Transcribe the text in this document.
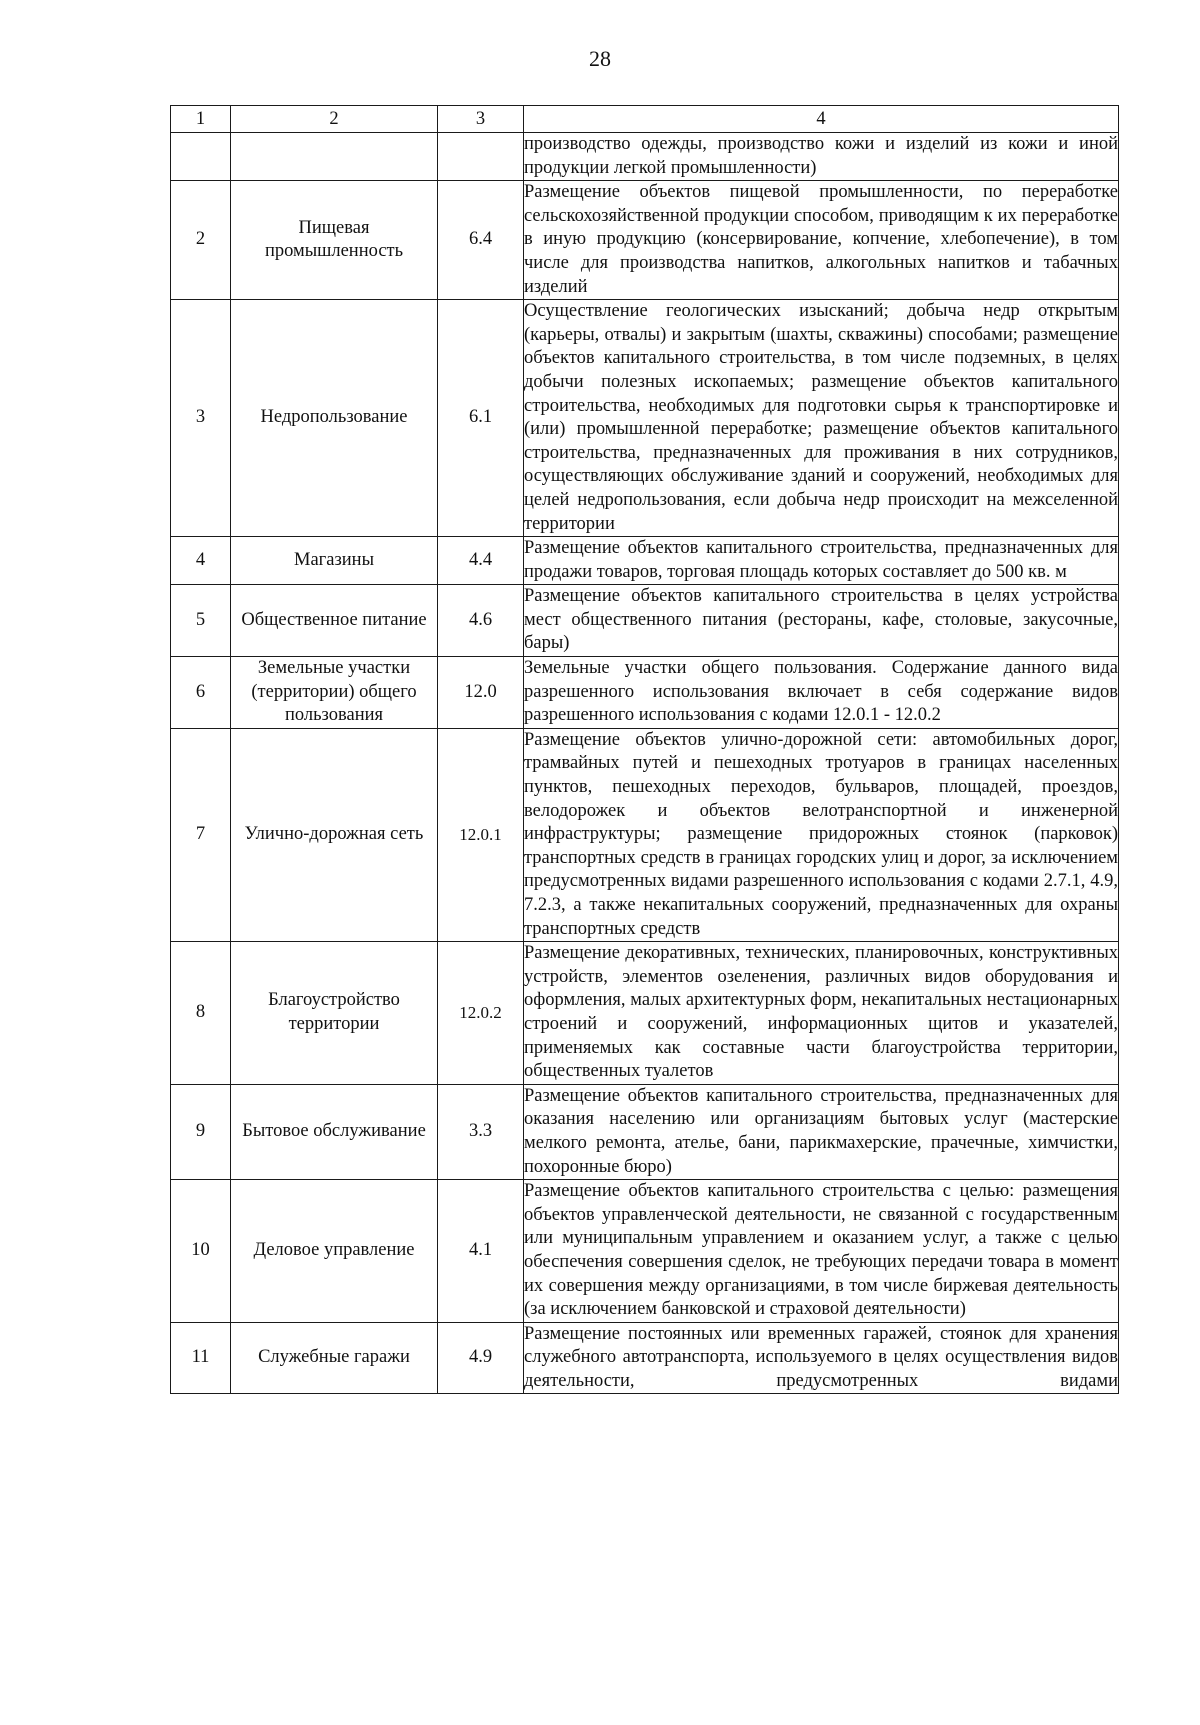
28
1	2	3	4
			производство одежды, производство кожи и изделий из кожи и иной продукции легкой промышленности)
2	Пищевая промышленность	6.4	Размещение объектов пищевой промышленности, по переработке сельскохозяйственной продукции способом, приводящим к их переработке в иную продукцию (консервирование, копчение, хлебопечение), в том числе для производства напитков, алкогольных напитков и табачных изделий
3	Недропользование	6.1	Осуществление геологических изысканий; добыча недр открытым (карьеры, отвалы) и закрытым (шахты, скважины) способами; размещение объектов капитального строительства, в том числе подземных, в целях добычи полезных ископаемых; размещение объектов капитального строительства, необходимых для подготовки сырья к транспортировке и (или) промышленной переработке; размещение объектов капитального строительства, предназначенных для проживания в них сотрудников, осуществляющих обслуживание зданий и сооружений, необходимых для целей недропользования, если добыча недр происходит на межселенной территории
4	Магазины	4.4	Размещение объектов капитального строительства, предназначенных для продажи товаров, торговая площадь которых составляет до 500 кв. м
5	Общественное питание	4.6	Размещение объектов капитального строительства в целях устройства мест общественного питания (рестораны, кафе, столовые, закусочные, бары)
6	Земельные участки (территории) общего пользования	12.0	Земельные участки общего пользования. Содержание данного вида разрешенного использования включает в себя содержание видов разрешенного использования с кодами 12.0.1 - 12.0.2
7	Улично-дорожная сеть	12.0.1	Размещение объектов улично-дорожной сети: автомобильных дорог, трамвайных путей и пешеходных тротуаров в границах населенных пунктов, пешеходных переходов, бульваров, площадей, проездов, велодорожек и объектов велотранспортной и инженерной инфраструктуры; размещение придорожных стоянок (парковок) транспортных средств в границах городских улиц и дорог, за исключением предусмотренных видами разрешенного использования с кодами 2.7.1, 4.9, 7.2.3, а также некапитальных сооружений, предназначенных для охраны транспортных средств
8	Благоустройство территории	12.0.2	Размещение декоративных, технических, планировочных, конструктивных устройств, элементов озеленения, различных видов оборудования и оформления, малых архитектурных форм, некапитальных нестационарных строений и сооружений, информационных щитов и указателей, применяемых как составные части благоустройства территории, общественных туалетов
9	Бытовое обслуживание	3.3	Размещение объектов капитального строительства, предназначенных для оказания населению или организациям бытовых услуг (мастерские мелкого ремонта, ателье, бани, парикмахерские, прачечные, химчистки, похоронные бюро)
10	Деловое управление	4.1	Размещение объектов капитального строительства с целью: размещения объектов управленческой деятельности, не связанной с государственным или муниципальным управлением и оказанием услуг, а также с целью обеспечения совершения сделок, не требующих передачи товара в момент их совершения между организациями, в том числе биржевая деятельность (за исключением банковской и страховой деятельности)
11	Служебные гаражи	4.9	Размещение постоянных или временных гаражей, стоянок для хранения служебного автотранспорта, используемого в целях осуществления видов деятельности, предусмотренных видами
